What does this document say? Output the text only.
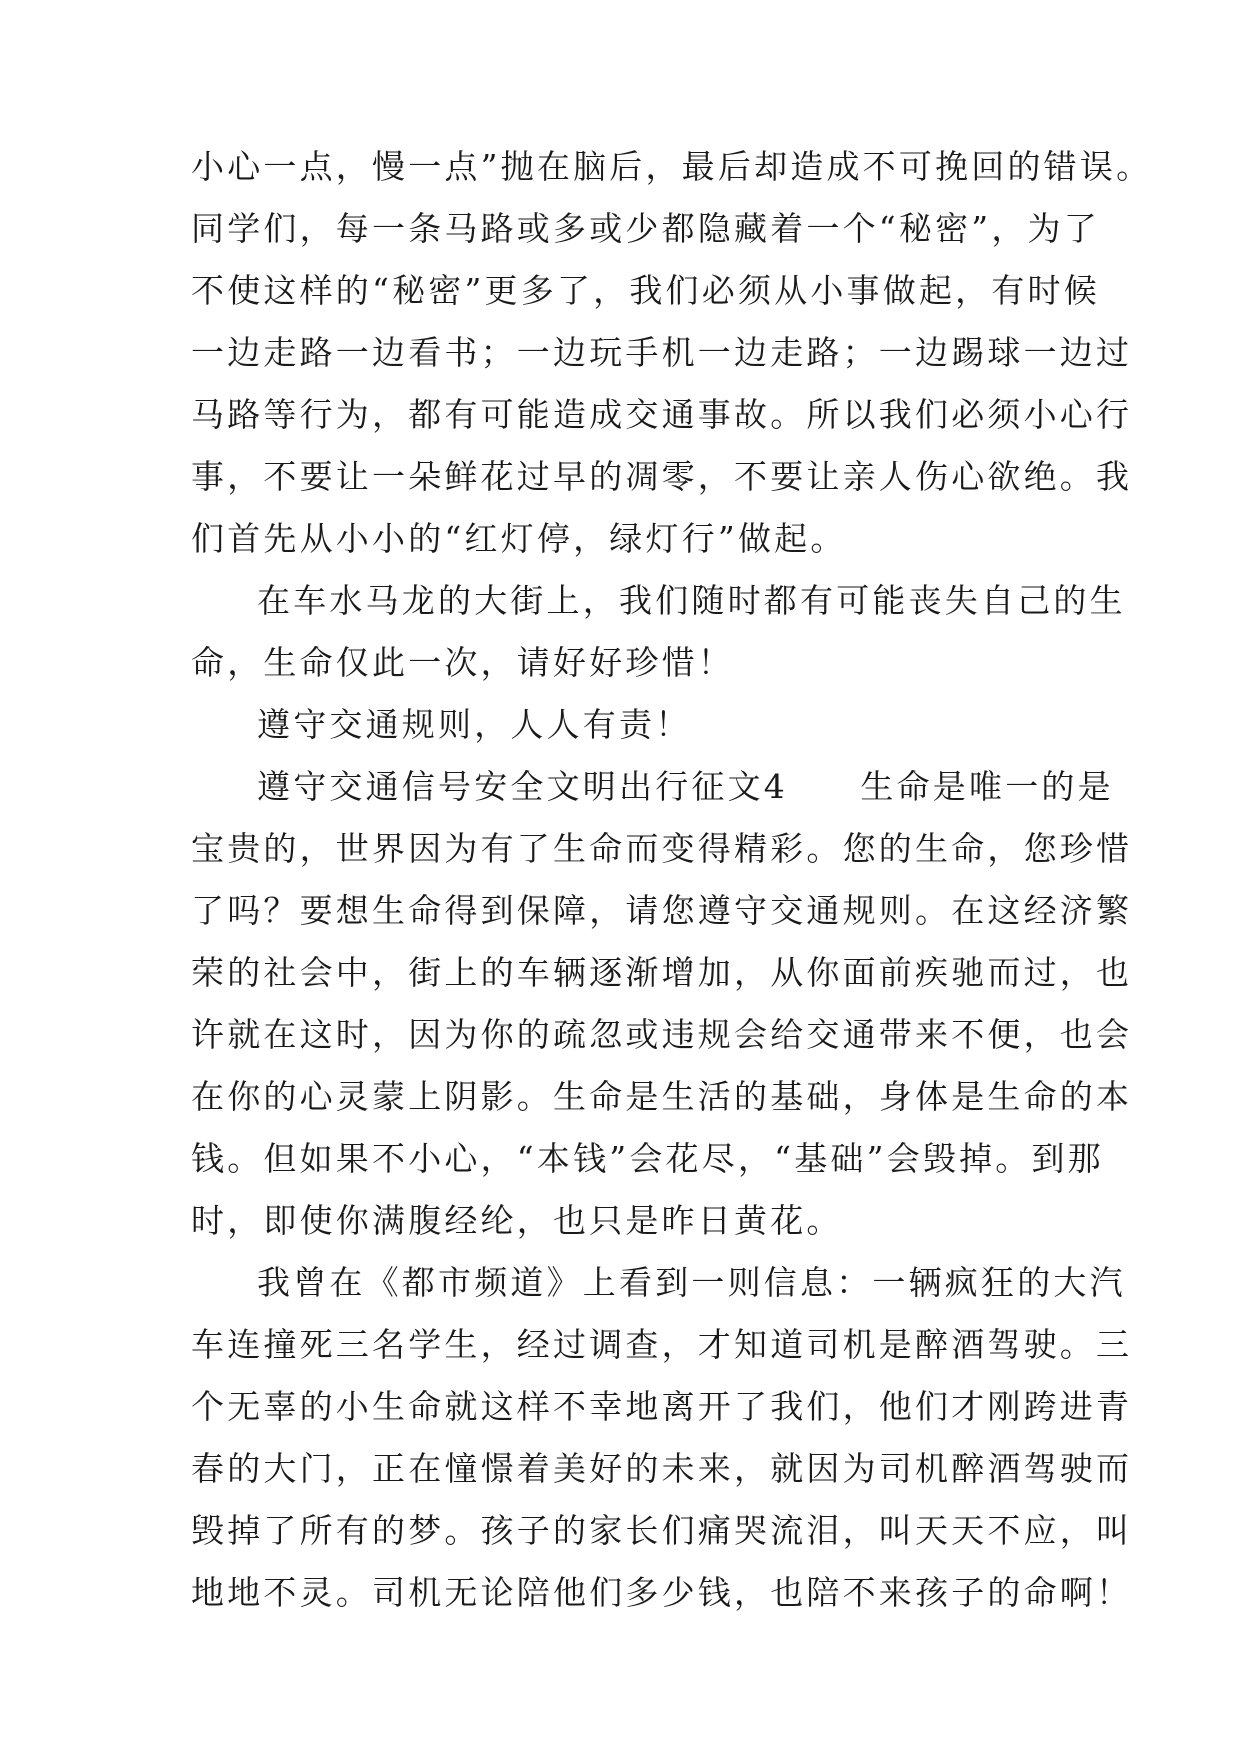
小心一点，慢一点”抛在脑后，最后却造成不可挽回的错误。
同学们，每一条马路或多或少都隐藏着一个“秘密”，为了
不使这样的“秘密”更多了，我们必须从小事做起，有时候
一边走路一边看书；一边玩手机一边走路；一边踢球一边过
马路等行为，都有可能造成交通事故。所以我们必须小心行
事，不要让一朵鲜花过早的凋零，不要让亲人伤心欲绝。我
们首先从小小的“红灯停，绿灯行”做起。
在车水马龙的大街上，我们随时都有可能丧失自己的生
命，生命仅此一次，请好好珍惜！
遵守交通规则，人人有责！
遵守交通信号安全文明出行征文4　　生命是唯一的是
宝贵的，世界因为有了生命而变得精彩。您的生命，您珍惜
了吗？要想生命得到保障，请您遵守交通规则。在这经济繁
荣的社会中，街上的车辆逐渐增加，从你面前疾驰而过，也
许就在这时，因为你的疏忽或违规会给交通带来不便，也会
在你的心灵蒙上阴影。生命是生活的基础，身体是生命的本
钱。但如果不小心，“本钱”会花尽，“基础”会毁掉。到那
时，即使你满腹经纶，也只是昨日黄花。
我曾在《都市频道》上看到一则信息：一辆疯狂的大汽
车连撞死三名学生，经过调查，才知道司机是醉酒驾驶。三
个无辜的小生命就这样不幸地离开了我们，他们才刚跨进青
春的大门，正在憧憬着美好的未来，就因为司机醉酒驾驶而
毁掉了所有的梦。孩子的家长们痛哭流泪，叫天天不应，叫
地地不灵。司机无论陪他们多少钱，也陪不来孩子的命啊！
